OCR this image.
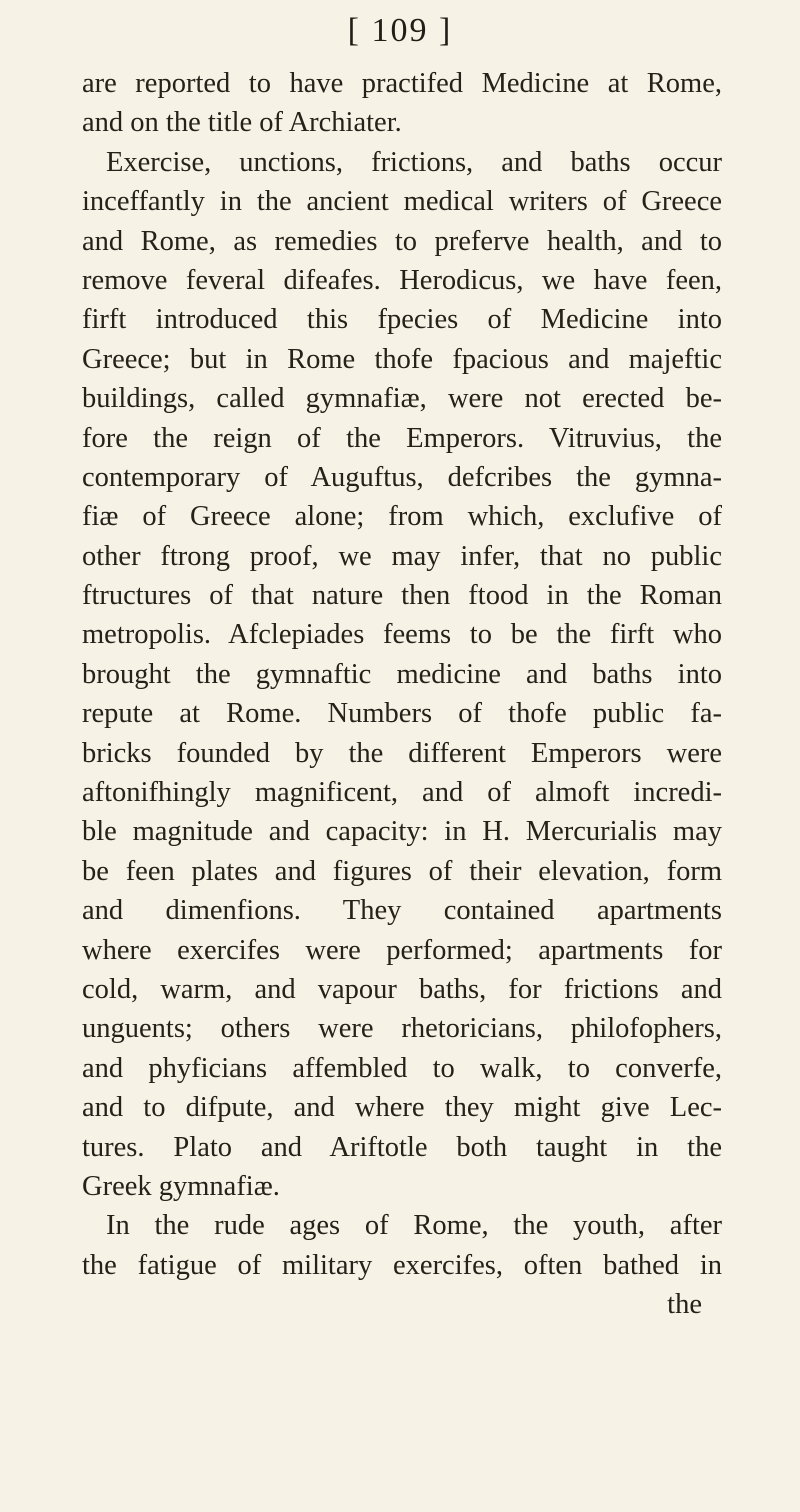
[ 109 ]
are reported to have practifed Medicine at Rome,
and on the title of Archiater.
Exercise, unctions, frictions, and baths occur
inceffantly in the ancient medical writers of Greece
and Rome, as remedies to preferve health, and to
remove feveral difeafes. Herodicus, we have feen,
firft introduced this fpecies of Medicine into
Greece; but in Rome thofe fpacious and majeftic
buildings, called gymnafiæ, were not erected be-
fore the reign of the Emperors. Vitruvius, the
contemporary of Auguftus, defcribes the gymna-
fiæ of Greece alone; from which, exclufive of
other ftrong proof, we may infer, that no public
ftructures of that nature then ftood in the Roman
metropolis. Afclepiades feems to be the firft who
brought the gymnaftic medicine and baths into
repute at Rome. Numbers of thofe public fa-
bricks founded by the different Emperors were
aftonifhingly magnificent, and of almoft incredi-
ble magnitude and capacity: in H. Mercurialis may
be feen plates and figures of their elevation, form
and dimenfions. They contained apartments
where exercifes were performed; apartments for
cold, warm, and vapour baths, for frictions and
unguents; others were rhetoricians, philofophers,
and phyficians affembled to walk, to converfe,
and to difpute, and where they might give Lec-
tures. Plato and Ariftotle both taught in the
Greek gymnafiæ.
In the rude ages of Rome, the youth, after
the fatigue of military exercifes, often bathed in
the
